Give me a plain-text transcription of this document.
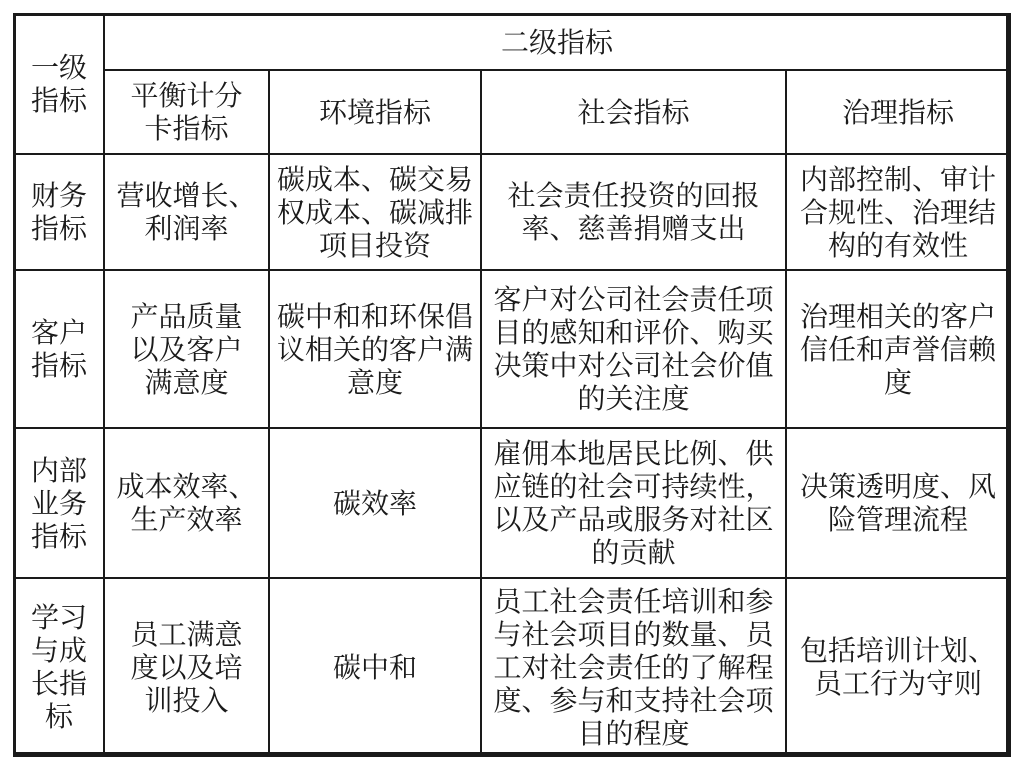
一级指标	二级指标			
	平衡计分卡指标	环境指标	社会指标	治理指标
财务指标	营收增长、利润率	碳成本、碳交易权成本、碳减排项目投资	社会责任投资的回报率、慈善捐赠支出	内部控制、审计合规性、治理结构的有效性
客户指标	产品质量以及客户满意度	碳中和和环保倡议相关的客户满意度	客户对公司社会责任项目的感知和评价、购买决策中对公司社会价值的关注度	治理相关的客户信任和声誉信赖度
内部业务指标	成本效率、生产效率	碳效率	雇佣本地居民比例、供应链的社会可持续性，以及产品或服务对社区的贡献	决策透明度、风险管理流程
学习与成长指标	员工满意度以及培训投入	碳中和	员工社会责任培训和参与社会项目的数量、员工对社会责任的了解程度、参与和支持社会项目的程度	包括培训计划、员工行为守则
